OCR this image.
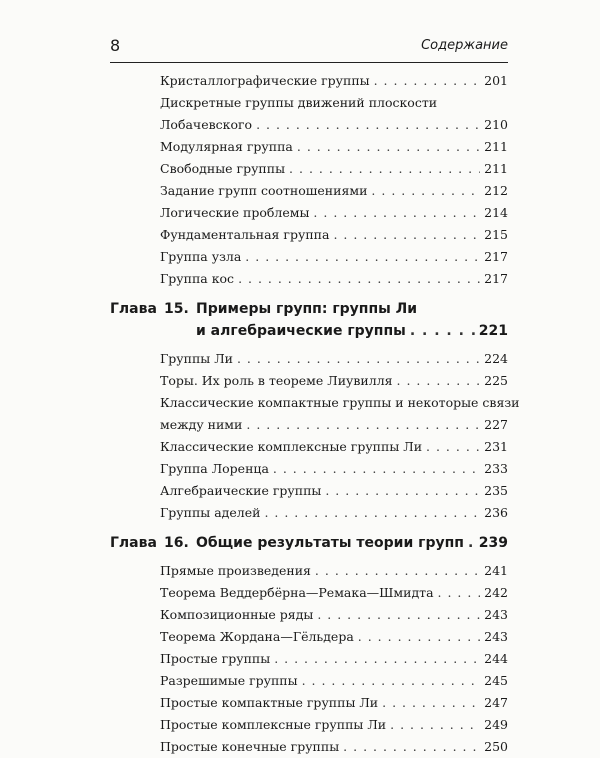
8	Содержание
Кристаллографические группы . . .	201
Дискретные группы движений плоскости
Лобачевского . . .	210
Модулярная группа . . .	211
Свободные группы . . .	211
Задание групп соотношениями . . .	212
Логические проблемы . . .	214
Фундаментальная группа . . .	215
Группа узла . . .	217
Группа кос . . .	217
Глава 15. Примеры групп: группы Ли
и алгебраические группы . . .	221
Группы Ли . . .	224
Торы. Их роль в теореме Лиувилля . . .	225
Классические компактные группы и некоторые связи
между ними . . .	227
Классические комплексные группы Ли . . .	231
Группа Лоренца . . .	233
Алгебраические группы . . .	235
Группы аделей . . .	236
Глава 16. Общие результаты теории групп . . . 239
Прямые произведения . . .	241
Теорема Веддербёрна—Ремака—Шмидта . . .	242
Композиционные ряды . . .	243
Теорема Жордана—Гёльдера . . .	243
Простые группы . . .	244
Разрешимые группы . . .	245
Простые компактные группы Ли . . .	247
Простые комплексные группы Ли . . .	249
Простые конечные группы . . .	250
